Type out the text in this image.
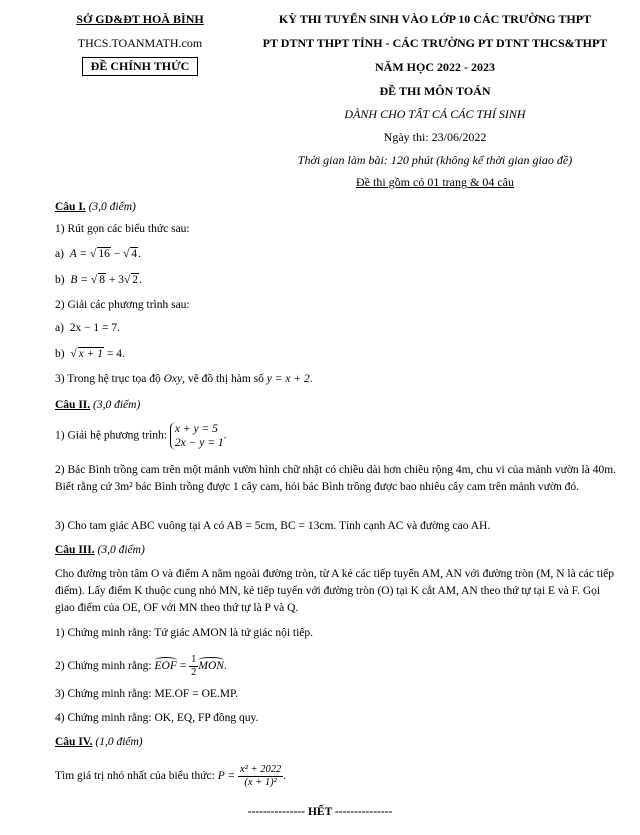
SỞ GD&ĐT HOÀ BÌNH
THCS.TOANMATH.com
ĐỀ CHÍNH THỨC
KỲ THI TUYỂN SINH VÀO LỚP 10 CÁC TRƯỜNG THPT
PT DTNT THPT TỈNH - CÁC TRƯỜNG PT DTNT THCS&THPT
NĂM HỌC 2022 - 2023
ĐỀ THI MÔN TOÁN
DÀNH CHO TẤT CẢ CÁC THÍ SINH
Ngày thi: 23/06/2022
Thời gian làm bài: 120 phút (không kể thời gian giao đề)
Đề thi gồm có 01 trang & 04 câu
Câu I. (3,0 điểm)
1) Rút gọn các biểu thức sau:
a) A = √ 16 − √ 4.
b) B = √ 8 + 3√ 2.
2) Giải các phương trình sau:
a) 2x − 1 = 7.
b)  √ x + 1 = 4.
3) Trong hệ trục tọa độ Oxy, vẽ đồ thị hàm số y = x + 2.
Câu II. (3,0 điểm)
1) Giải hệ phương trình:
x + y = 5
2x − y = 1
.
2) Bác Bình trồng cam trên một mảnh vườn hình chữ nhật có chiều dài hơn chiều rộng 4m, chu vi của mảnh vườn là 40m. Biết rằng cứ 3m² bác Bình trồng được 1 cây cam, hỏi bác Bình trồng được bao nhiêu cây cam trên mảnh vườn đó.
3) Cho tam giác ABC vuông tại A có AB = 5cm, BC = 13cm. Tính cạnh AC và đường cao AH.
Câu III. (3,0 điểm)
Cho đường tròn tâm O và điểm A nằm ngoài đường tròn, từ A kẻ các tiếp tuyến AM, AN với đường tròn (M, N là các tiếp điểm). Lấy điểm K thuộc cung nhỏ MN, kẻ tiếp tuyến với đường tròn (O) tại K cắt AM, AN theo thứ tự tại E và F. Gọi giao điểm của OE, OF với MN theo thứ tự là P và Q.
1) Chứng minh rằng: Tứ giác AMON là tứ giác nội tiếp.
2) Chứng minh rằng: EOF = $\frac{1}{2}$ MON.
3) Chứng minh rằng: ME.OF = OE.MP.
4) Chứng minh rằng: OK, EQ, FP đồng quy.
Câu IV. (1,0 điểm)
Tìm giá trị nhỏ nhất của biểu thức: $P = \frac{\text{x² + 2022}}{\text{(x + 1)²}}$ .
--------------- HẾT ---------------
